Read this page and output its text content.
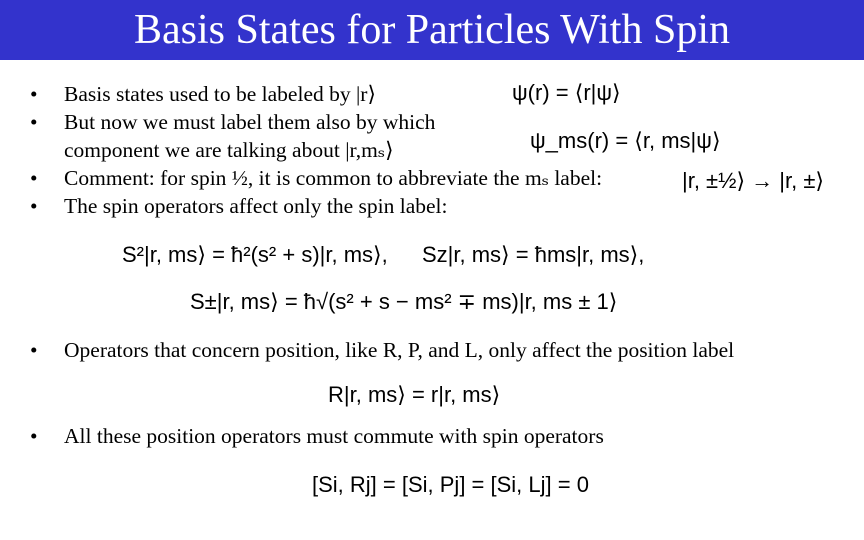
Basis States for Particles With Spin
•	Basis states used to be labeled by |r⟩
•	But now we must label them also by which
component we are talking about |r,mₛ⟩
•	Comment: for spin ½, it is common to abbreviate the mₛ label:
•	The spin operators affect only the spin label:
•	Operators that concern position, like R, P, and L, only affect the position label
•	All these position operators must commute with spin operators
ψ(r) = ⟨r|ψ⟩
ψ_ms(r) = ⟨r, ms|ψ⟩
|r, ±½⟩ → |r, ±⟩
S²|r, ms⟩ = ħ²(s² + s)|r, ms⟩, Sz|r, ms⟩ = ħms|r, ms⟩,
S±|r, ms⟩ = ħ√(s² + s − ms² ∓ ms)|r, ms ± 1⟩
R|r, ms⟩ = r|r, ms⟩
[Si, Rj] = [Si, Pj] = [Si, Lj] = 0
